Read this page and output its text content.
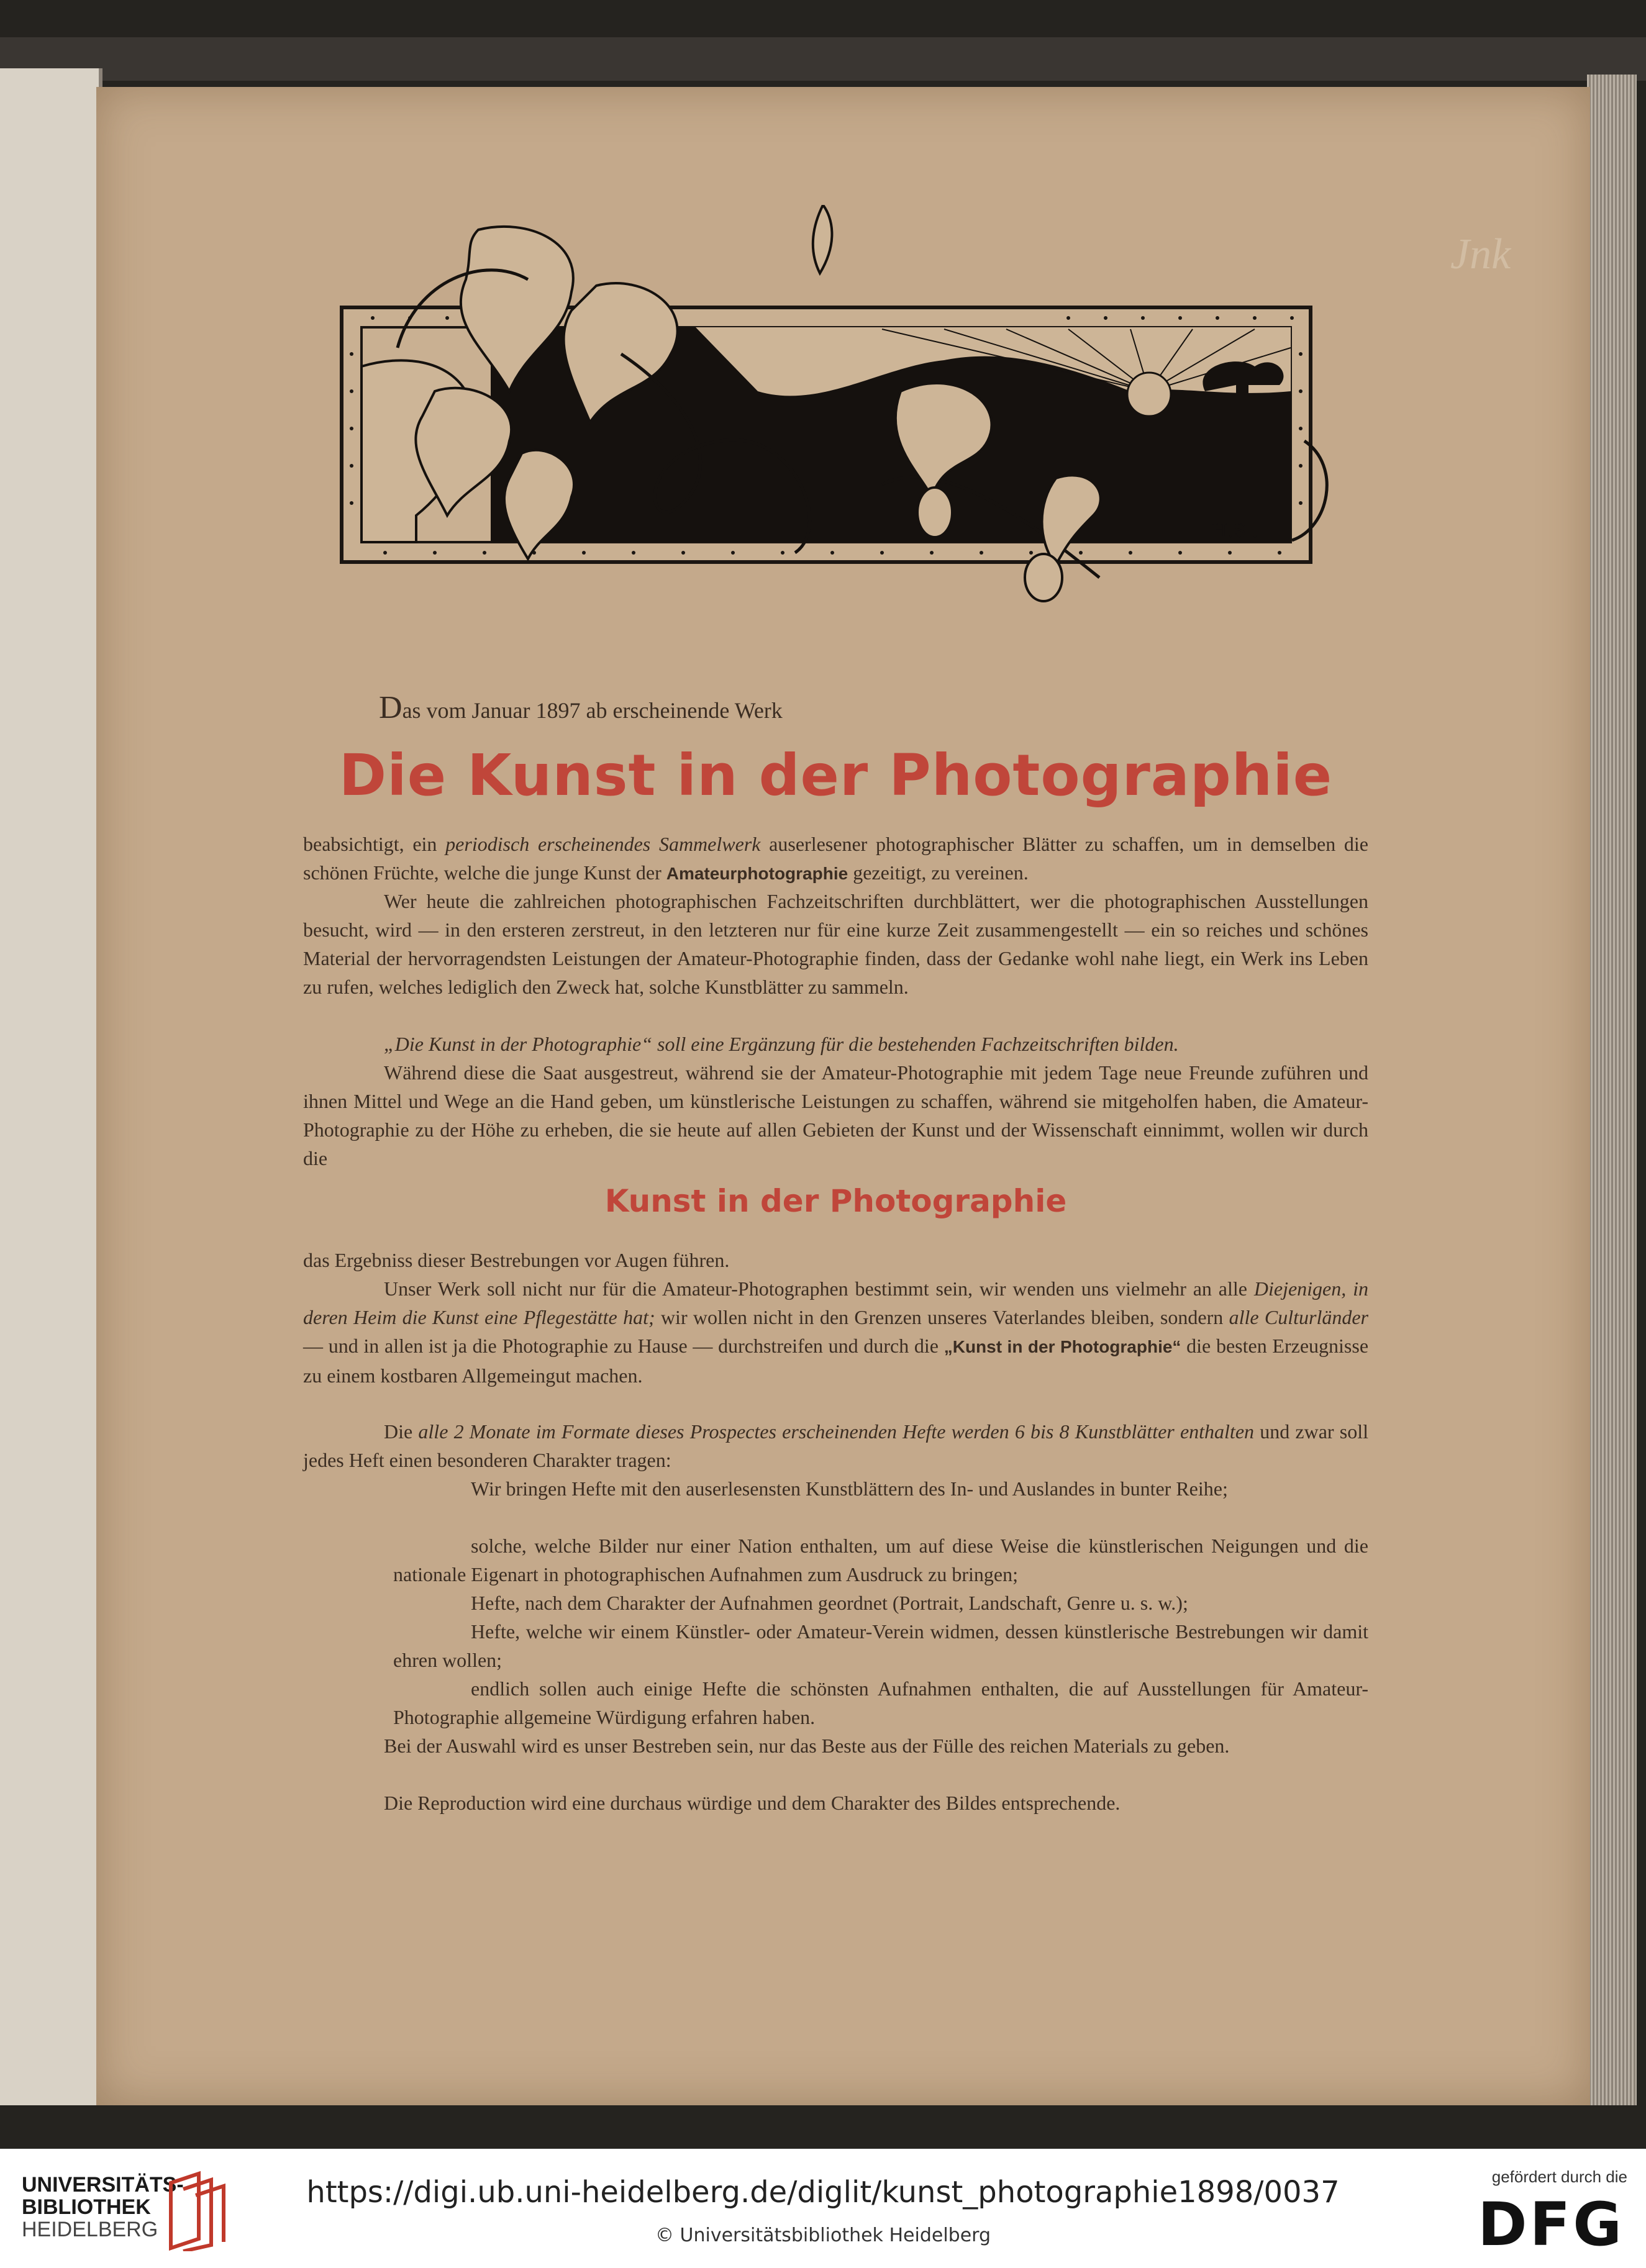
Jnk
H.Sl.
Das vom Januar 1897 ab erscheinende Werk
Die Kunst in der Photographie
beabsichtigt, ein periodisch erscheinendes Sammelwerk auserlesener photographischer Blätter zu schaffen, um in demselben die schönen Früchte, welche die junge Kunst der Amateurphotographie gezeitigt, zu vereinen.
Wer heute die zahlreichen photographischen Fachzeitschriften durchblättert, wer die photographischen Ausstellungen besucht, wird — in den ersteren zerstreut, in den letzteren nur für eine kurze Zeit zusammengestellt — ein so reiches und schönes Material der hervorragendsten Leistungen der Amateur-Photographie finden, dass der Gedanke wohl nahe liegt, ein Werk ins Leben zu rufen, welches lediglich den Zweck hat, solche Kunstblätter zu sammeln.
„Die Kunst in der Photographie“ soll eine Ergänzung für die bestehenden Fachzeitschriften bilden.
Während diese die Saat ausgestreut, während sie der Amateur-Photographie mit jedem Tage neue Freunde zuführen und ihnen Mittel und Wege an die Hand geben, um künstlerische Leistungen zu schaffen, während sie mitgeholfen haben, die Amateur-Photographie zu der Höhe zu erheben, die sie heute auf allen Gebieten der Kunst und der Wissenschaft einnimmt, wollen wir durch die
Kunst in der Photographie
das Ergebniss dieser Bestrebungen vor Augen führen.
Unser Werk soll nicht nur für die Amateur-Photographen bestimmt sein, wir wenden uns vielmehr an alle Diejenigen, in deren Heim die Kunst eine Pflegestätte hat; wir wollen nicht in den Grenzen unseres Vaterlandes bleiben, sondern alle Culturländer — und in allen ist ja die Photographie zu Hause — durchstreifen und durch die „Kunst in der Photographie“ die besten Erzeugnisse zu einem kostbaren Allgemeingut machen.
Die alle 2 Monate im Formate dieses Prospectes erscheinenden Hefte werden 6 bis 8 Kunstblätter enthalten und zwar soll jedes Heft einen besonderen Charakter tragen:
Wir bringen Hefte mit den auserlesensten Kunstblättern des In- und Auslandes in bunter Reihe;
solche, welche Bilder nur einer Nation enthalten, um auf diese Weise die künstlerischen Neigungen und die nationale Eigenart in photographischen Aufnahmen zum Ausdruck zu bringen;
Hefte, nach dem Charakter der Aufnahmen geordnet (Portrait, Landschaft, Genre u. s. w.);
Hefte, welche wir einem Künstler- oder Amateur-Verein widmen, dessen künstlerische Bestrebungen wir damit ehren wollen;
endlich sollen auch einige Hefte die schönsten Aufnahmen enthalten, die auf Ausstellungen für Amateur-Photographie allgemeine Würdigung erfahren haben.
Bei der Auswahl wird es unser Bestreben sein, nur das Beste aus der Fülle des reichen Materials zu geben.
Die Reproduction wird eine durchaus würdige und dem Charakter des Bildes entsprechende.
UNIVERSITÄTS-
BIBLIOTHEK
HEIDELBERG
https://digi.ub.uni-heidelberg.de/diglit/kunst_photographie1898/0037
© Universitätsbibliothek Heidelberg
gefördert durch die
DFG
